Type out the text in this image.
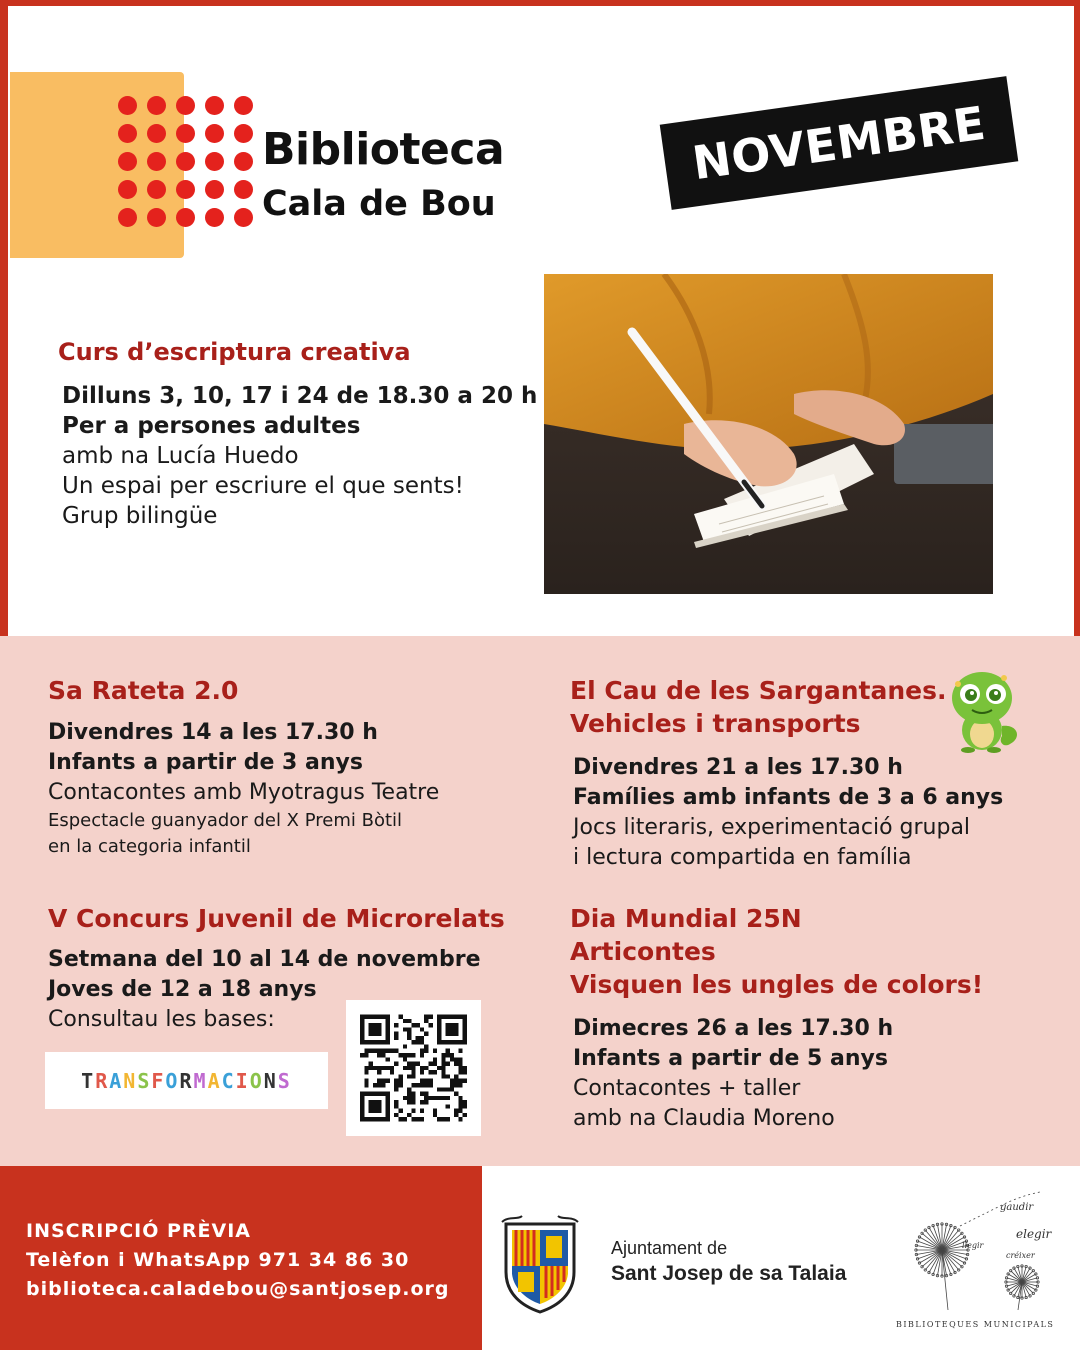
Biblioteca
Cala de Bou
NOVEMBRE
Curs d’escriptura creativa
Dilluns 3, 10, 17 i 24 de 18.30 a 20 h
Per a persones adultes
amb na Lucía Huedo
Un espai per escriure el que sents!
Grup bilingüe
Sa Rateta 2.0
Divendres 14 a les 17.30 h
Infants a partir de 3 anys
Contacontes amb Myotragus Teatre
Espectacle guanyador del X Premi Bòtil
en la categoria infantil
El Cau de les Sargantanes.
Vehicles i transports
Divendres 21 a les 17.30 h
Famílies amb infants de 3 a 6 anys
Jocs literaris, experimentació grupal
i lectura compartida en família
V Concurs Juvenil de Microrelats
Setmana del 10 al 14 de novembre
Joves de 12 a 18 anys
Consultau les bases:
T R A N S F O R M A C I O N S
Dia Mundial 25N
Articontes
Visquen les ungles de colors!
Dimecres 26 a les 17.30 h
Infants a partir de 5 anys
Contacontes + taller
amb na Claudia Moreno
INSCRIPCIÓ PRÈVIA
Telèfon i WhatsApp 971 34 86 30
biblioteca.caladebou@santjosep.org
Ajuntament de
Sant Josep de sa Talaia
gaudir
elegir
llegir
créixer
BIBLIOTEQUES MUNICIPALS
